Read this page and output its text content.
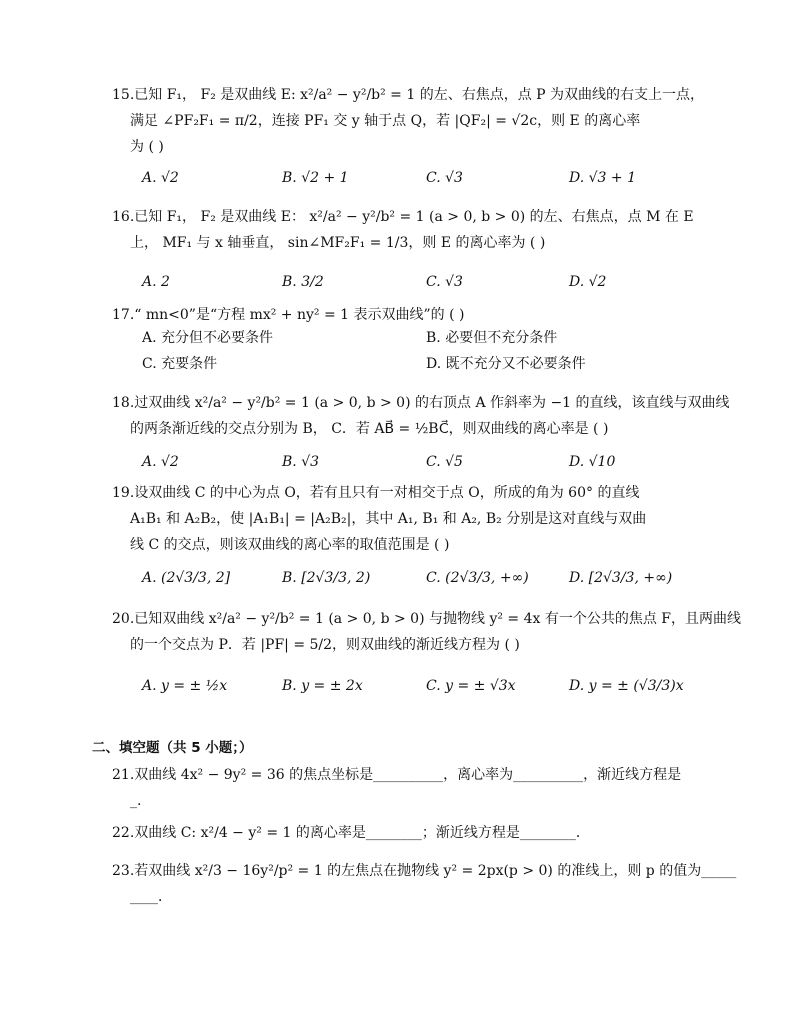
15.已知 F₁， F₂ 是双曲线 E: x²/a² − y²/b² = 1 的左、右焦点，点 P 为双曲线的右支上一点，
满足 ∠PF₂F₁ = π/2，连接 PF₁ 交 y 轴于点 Q，若 |QF₂| = √2c，则 E 的离心率
为 ( )
A. √2	B. √2 + 1	C. √3	D. √3 + 1
16.已知 F₁， F₂ 是双曲线 E： x²/a² − y²/b² = 1 (a > 0, b > 0) 的左、右焦点，点 M 在 E
上， MF₁ 与 x 轴垂直， sin∠MF₂F₁ = 1/3，则 E 的离心率为 ( )
A. 2	B. 3/2	C. √3	D. √2
17.“ mn<0”是“方程 mx² + ny² = 1 表示双曲线”的 ( )
A. 充分但不必要条件	B. 必要但不充分条件
C. 充要条件	D. 既不充分又不必要条件
18.过双曲线 x²/a² − y²/b² = 1 (a > 0, b > 0) 的右顶点 A 作斜率为 −1 的直线，该直线与双曲线
的两条渐近线的交点分别为 B， C．若 AB⃗ = ½BC⃗，则双曲线的离心率是 ( )
A. √2	B. √3	C. √5	D. √10
19.设双曲线 C 的中心为点 O，若有且只有一对相交于点 O，所成的角为 60° 的直线
A₁B₁ 和 A₂B₂，使 |A₁B₁| = |A₂B₂|，其中 A₁, B₁ 和 A₂, B₂ 分别是这对直线与双曲
线 C 的交点，则该双曲线的离心率的取值范围是 ( )
A. (2√3/3, 2]	B. [2√3/3, 2)	C. (2√3/3, +∞)	D. [2√3/3, +∞)
20.已知双曲线 x²/a² − y²/b² = 1 (a > 0, b > 0) 与抛物线 y² = 4x 有一个公共的焦点 F，且两曲线
的一个交点为 P．若 |PF| = 5/2，则双曲线的渐近线方程为 ( )
A. y = ± ½x	B. y = ± 2x	C. y = ± √3x	D. y = ± (√3/3)x
二、填空题（共 5 小题；）
21.双曲线 4x² − 9y² = 36 的焦点坐标是__________，离心率为__________，渐近线方程是
_.
22.双曲线 C: x²/4 − y² = 1 的离心率是________；渐近线方程是________．
23.若双曲线 x²/3 − 16y²/p² = 1 的左焦点在抛物线 y² = 2px(p > 0) 的准线上，则 p 的值为_____
____．
